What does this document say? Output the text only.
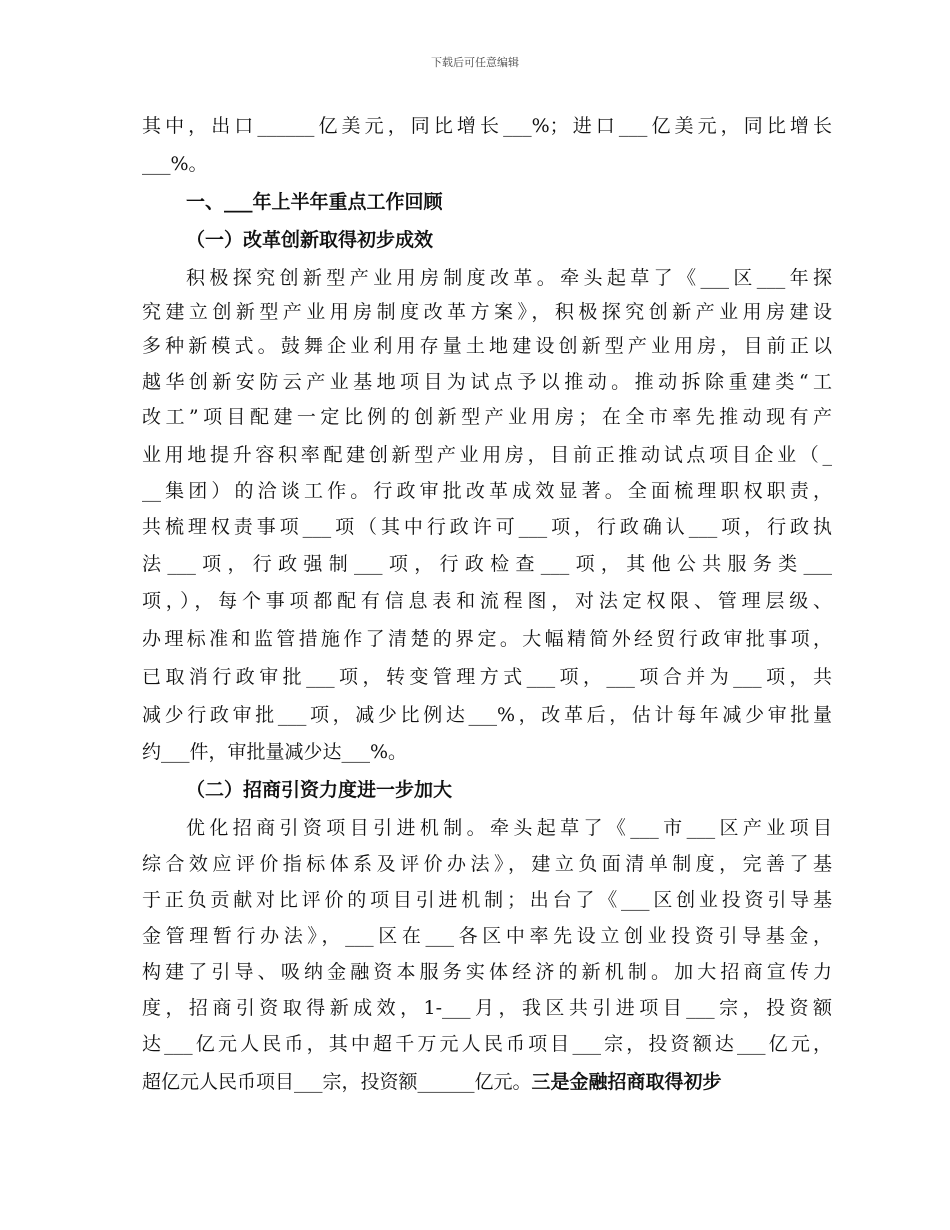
下载后可任意编辑
其中，出口______亿美元，同比增长___%；进口___亿美元，同比增长
___%。
一、___年上半年重点工作回顾
（一）改革创新取得初步成效
积极探究创新型产业用房制度改革。牵头起草了《___区___年探
究建立创新型产业用房制度改革方案》，积极探究创新产业用房建设
多种新模式。鼓舞企业利用存量土地建设创新型产业用房，目前正以
越华创新安防云产业基地项目为试点予以推动。推动拆除重建类“工
改工”项目配建一定比例的创新型产业用房；在全市率先推动现有产
业用地提升容积率配建创新型产业用房，目前正推动试点项目企业（_
__集团）的洽谈工作。行政审批改革成效显著。全面梳理职权职责，
共梳理权责事项___项（其中行政许可___项，行政确认___项，行政执
法___项，行政强制___项，行政检查___项，其他公共服务类___
项，），每个事项都配有信息表和流程图，对法定权限、管理层级、
办理标准和监管措施作了清楚的界定。大幅精简外经贸行政审批事项，
已取消行政审批___项，转变管理方式___项，___项合并为___项，共
减少行政审批___项，减少比例达___%，改革后，估计每年减少审批量
约___件，审批量减少达___%。
（二）招商引资力度进一步加大
优化招商引资项目引进机制。牵头起草了《___市___区产业项目
综合效应评价指标体系及评价办法》，建立负面清单制度，完善了基
于正负贡献对比评价的项目引进机制；出台了《___区创业投资引导基
金管理暂行办法》，___区在___各区中率先设立创业投资引导基金，
构建了引导、吸纳金融资本服务实体经济的新机制。加大招商宣传力
度，招商引资取得新成效，1-___月，我区共引进项目___宗，投资额
达___亿元人民币，其中超千万元人民币项目___宗，投资额达___亿元，
超亿元人民币项目___宗，投资额______亿元。三是金融招商取得初步
